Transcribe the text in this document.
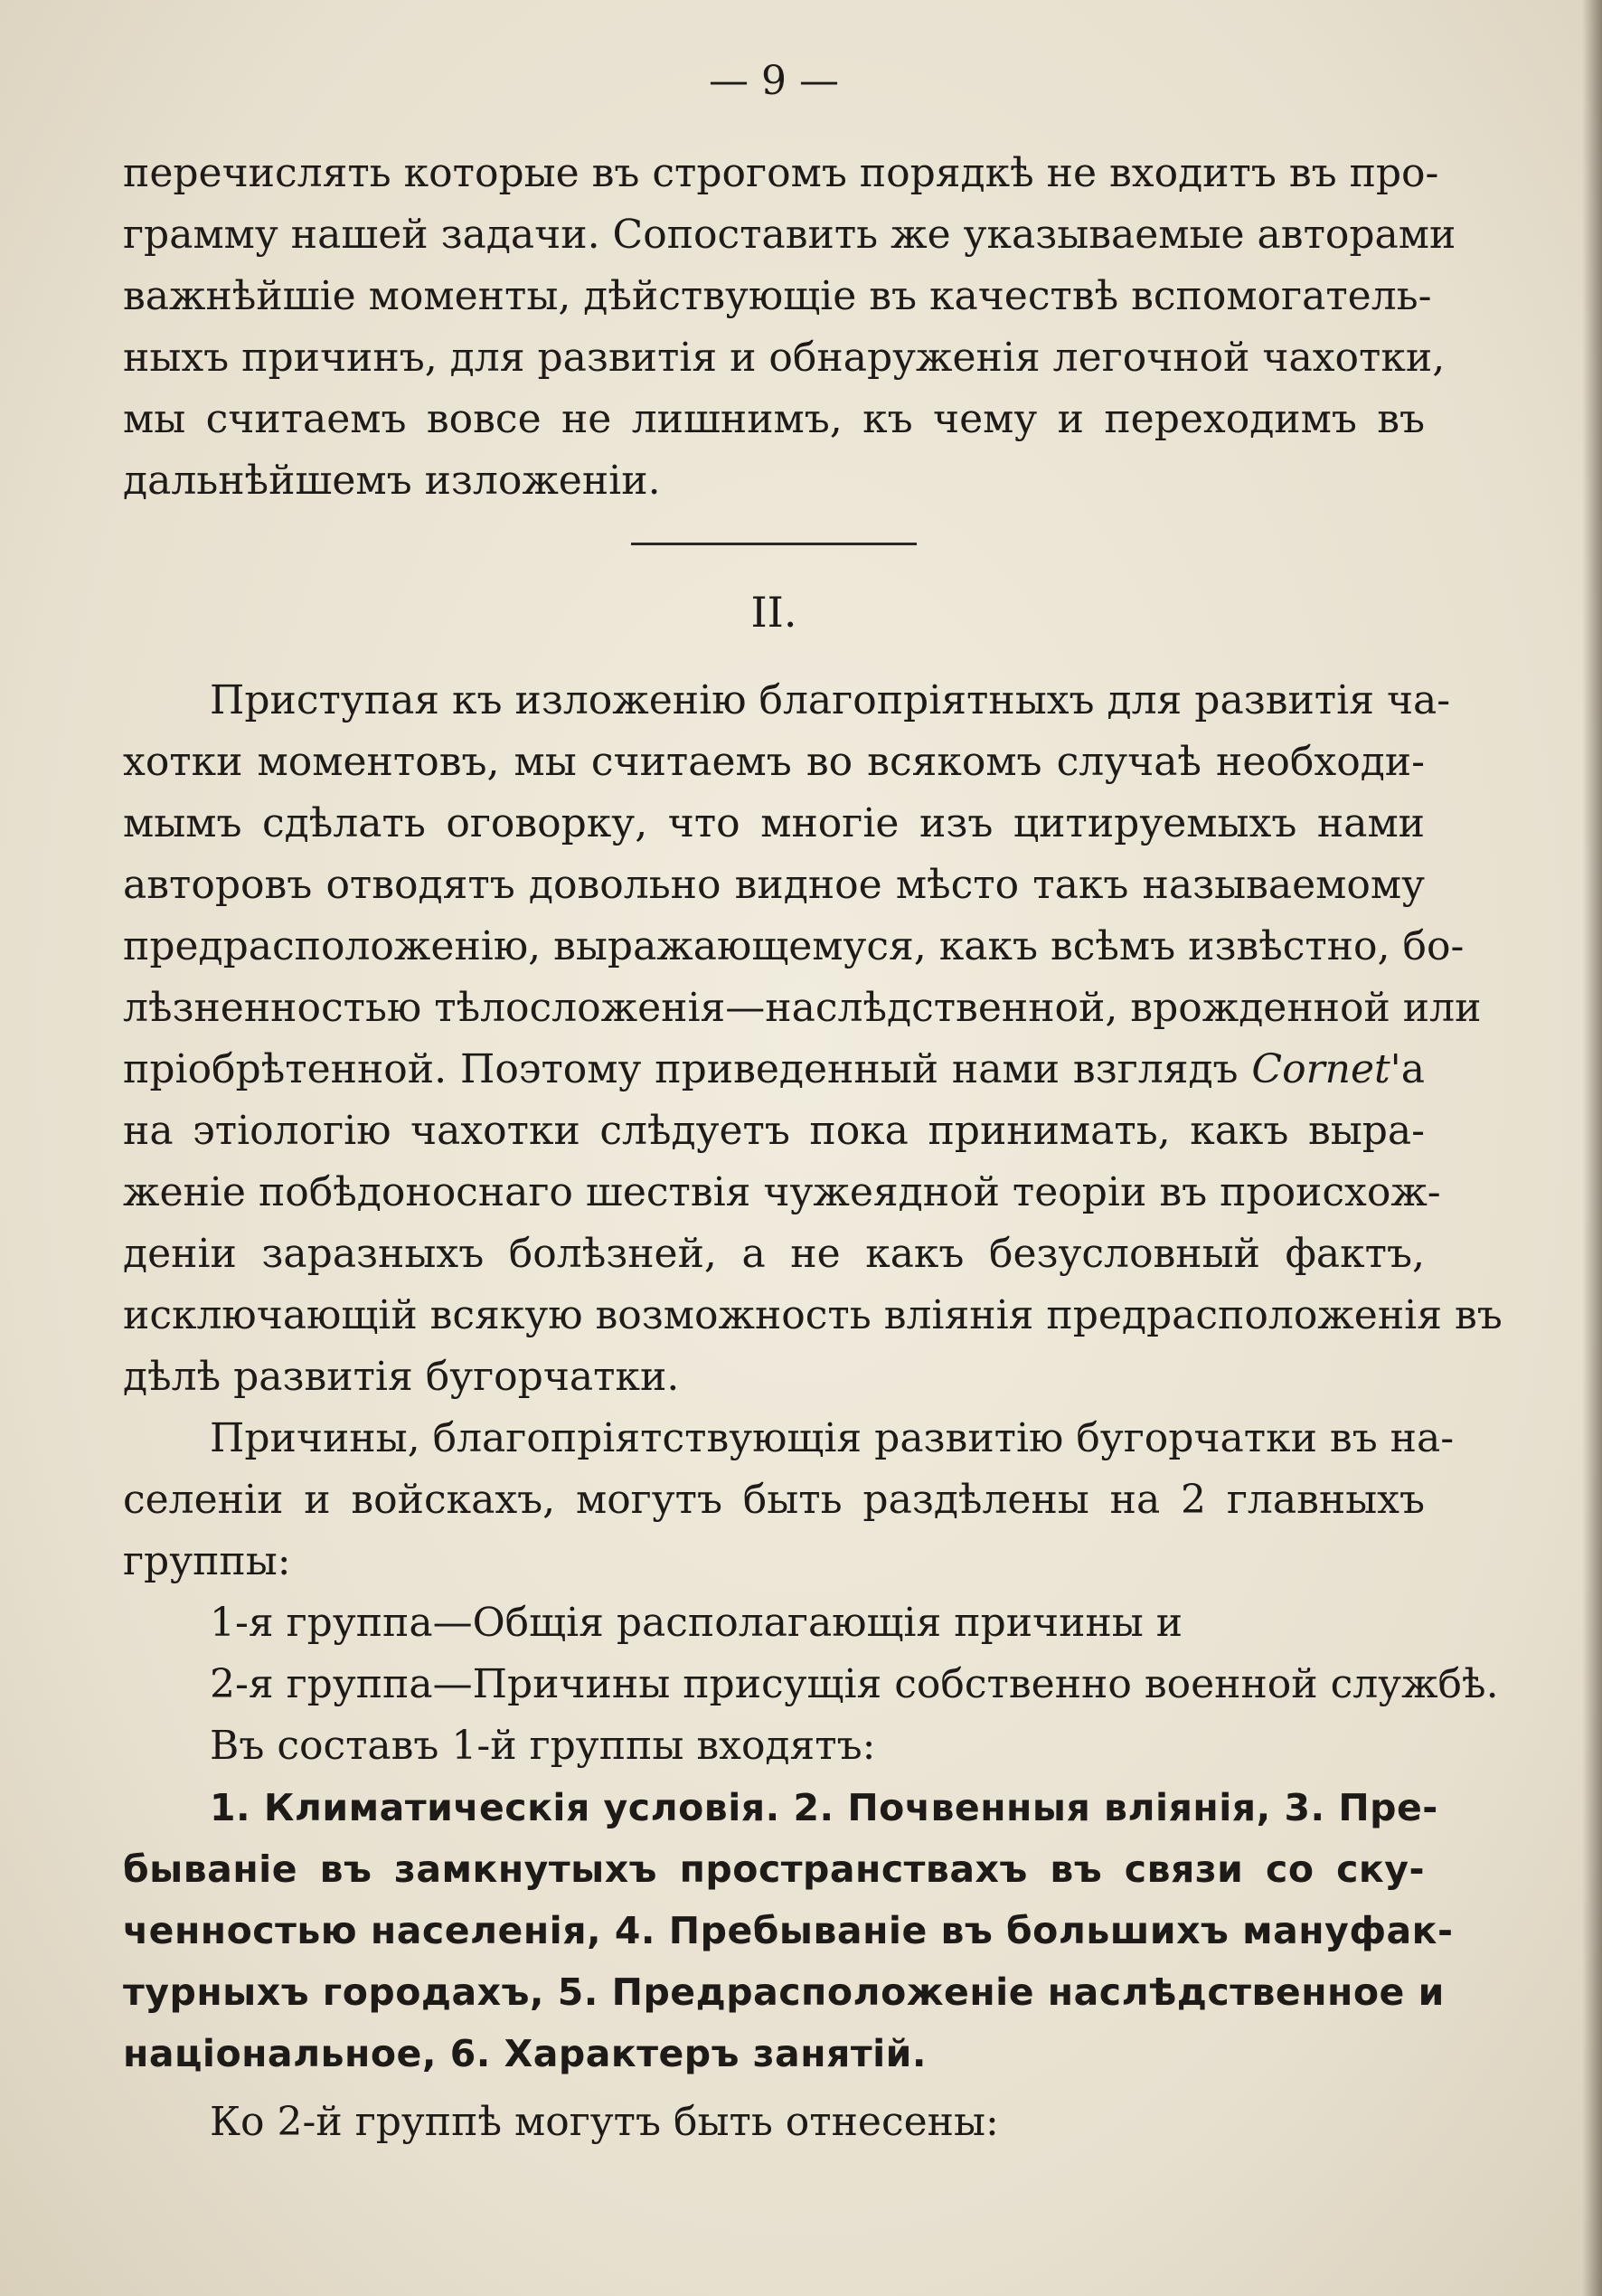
— 9 —
перечислять которые въ строгомъ порядкѣ не входитъ въ про-
грамму нашей задачи. Сопоставить же указываемые авторами
важнѣйшіе моменты, дѣйствующіе въ качествѣ вспомогатель-
ныхъ причинъ, для развитія и обнаруженія легочной чахотки,
мы считаемъ вовсе не лишнимъ, къ чему и переходимъ въ
дальнѣйшемъ изложеніи.
II.
Приступая къ изложенію благопріятныхъ для развитія ча-
хотки моментовъ, мы считаемъ во всякомъ случаѣ необходи-
мымъ сдѣлать оговорку, что многіе изъ цитируемыхъ нами
авторовъ отводятъ довольно видное мѣсто такъ называемому
предрасположенію, выражающемуся, какъ всѣмъ извѣстно, бо-
лѣзненностью тѣлосложенія—наслѣдственной, врожденной или
пріобрѣтенной. Поэтому приведенный нами взглядъ Cornet'а
на этіологію чахотки слѣдуетъ пока принимать, какъ выра-
женіе побѣдоноснаго шествія чужеядной теоріи въ происхож-
деніи заразныхъ болѣзней, а не какъ безусловный фактъ,
исключающій всякую возможность вліянія предрасположенія въ
дѣлѣ развитія бугорчатки.
Причины, благопріятствующія развитію бугорчатки въ на-
селеніи и войскахъ, могутъ быть раздѣлены на 2 главныхъ
группы:
1-я группа—Общія располагающія причины и
2-я группа—Причины присущія собственно военной службѣ.
Въ составъ 1-й группы входятъ:
1. Климатическія условія. 2. Почвенныя вліянія, 3. Пре-
быванiе въ замкнутыхъ пространствахъ въ связи со ску-
ченностью населенія, 4. Пребываніе въ большихъ мануфак-
турныхъ городахъ, 5. Предрасположеніе наслѣдственное и
національное, 6. Характеръ занятій.
Ко 2-й группѣ могутъ быть отнесены:
